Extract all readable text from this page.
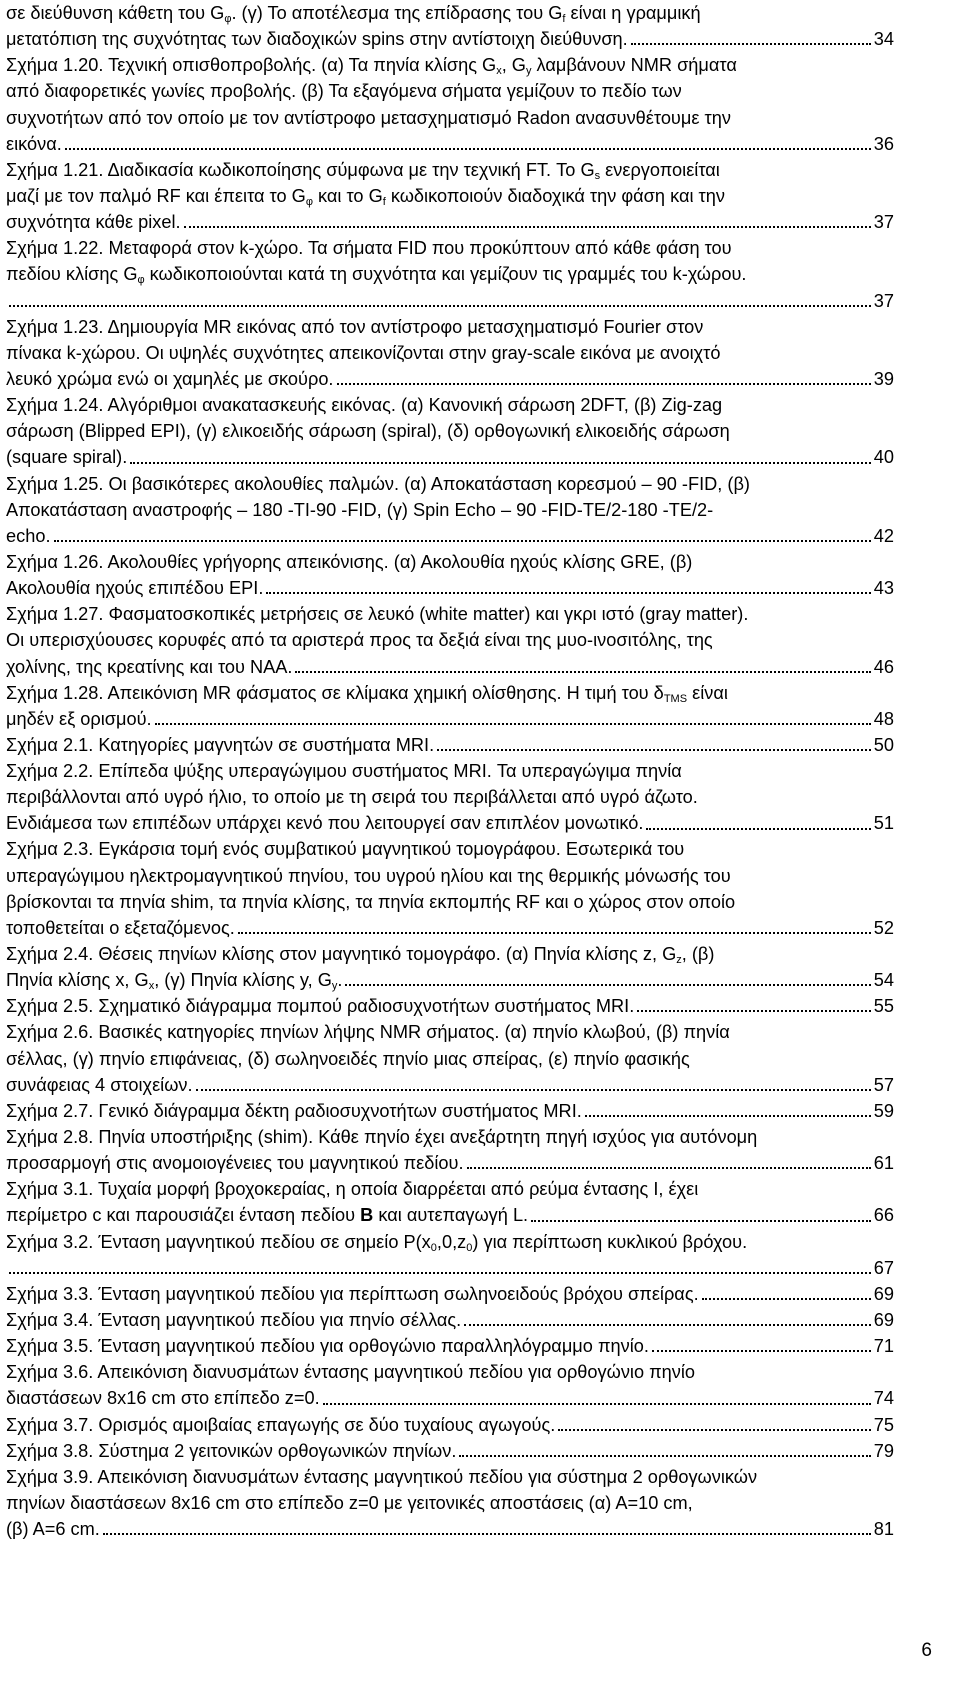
σε διεύθυνση κάθετη του $G_\varphi$. (γ) Το αποτέλεσμα της επίδρασης του $G_f$ είναι η γραμμική
μετατόπιση της συχνότητας των διαδοχικών spins στην αντίστοιχη διεύθυνση.	34
Σχήμα 1.20. Τεχνική οπισθοπροβολής. (α) Τα πηνία κλίσης $G_x$, $G_y$ λαμβάνουν NMR σήματα
από διαφορετικές γωνίες προβολής. (β) Τα εξαγόμενα σήματα γεμίζουν το πεδίο των
συχνοτήτων από τον οποίο με τον αντίστροφο μετασχηματισμό Radon ανασυνθέτουμε την
εικόνα.	36
Σχήμα 1.21. Διαδικασία κωδικοποίησης σύμφωνα με την τεχνική FT. Το $G_s$ ενεργοποιείται
μαζί με τον παλμό RF και έπειτα το $G_\varphi$ και το $G_f$ κωδικοποιούν διαδοχικά την φάση και την
συχνότητα κάθε pixel.	37
Σχήμα 1.22. Μεταφορά στον k-χώρο. Τα σήματα FID που προκύπτουν από κάθε φάση του
πεδίου κλίσης $G_\varphi$ κωδικοποιούνται κατά τη συχνότητα και γεμίζουν τις γραμμές του k-χώρου.
37
Σχήμα 1.23. Δημιουργία MR εικόνας από τον αντίστροφο μετασχηματισμό Fourier στον
πίνακα k-χώρου. Οι υψηλές συχνότητες απεικονίζονται στην gray-scale εικόνα με ανοιχτό
λευκό χρώμα ενώ οι χαμηλές με σκούρο.	39
Σχήμα 1.24. Αλγόριθμοι ανακατασκευής εικόνας. (α) Κανονική σάρωση 2DFT, (β) Zig-zag
σάρωση (Blipped EPI), (γ) ελικοειδής σάρωση (spiral), (δ) ορθογωνική ελικοειδής σάρωση
(square spiral).	40
Σχήμα 1.25. Οι βασικότερες ακολουθίες παλμών. (α) Αποκατάσταση κορεσμού – 90 -FID, (β)
Αποκατάσταση αναστροφής – 180 -TI-90 -FID, (γ) Spin Echo – 90 -FID-TE/2-180 -TE/2-
echo.	42
Σχήμα 1.26. Ακολουθίες γρήγορης απεικόνισης. (α) Ακολουθία ηχούς κλίσης GRE, (β)
Ακολουθία ηχούς επιπέδου EPI.	43
Σχήμα 1.27. Φασματοσκοπικές μετρήσεις σε λευκό (white matter) και γκρι ιστό (gray matter).
Οι υπερισχύουσες κορυφές από τα αριστερά προς τα δεξιά είναι της μυο-ινοσιτόλης, της
χολίνης, της κρεατίνης και του NAA.	46
Σχήμα 1.28. Απεικόνιση MR φάσματος σε κλίμακα χημική ολίσθησης. Η τιμή του $\delta_{TMS}$ είναι
μηδέν εξ ορισμού.	48
Σχήμα 2.1. Κατηγορίες μαγνητών σε συστήματα MRI.	50
Σχήμα 2.2. Επίπεδα ψύξης υπεραγώγιμου συστήματος MRI. Τα υπεραγώγιμα πηνία
περιβάλλονται από υγρό ήλιο, το οποίο με τη σειρά του περιβάλλεται από υγρό άζωτο.
Ενδιάμεσα των επιπέδων υπάρχει κενό που λειτουργεί σαν επιπλέον μονωτικό.	51
Σχήμα 2.3. Εγκάρσια τομή ενός συμβατικού μαγνητικού τομογράφου. Εσωτερικά του
υπεραγώγιμου ηλεκτρομαγνητικού πηνίου, του υγρού ηλίου και της θερμικής μόνωσής του
βρίσκονται τα πηνία shim, τα πηνία κλίσης, τα πηνία εκπομπής RF και ο χώρος στον οποίο
τοποθετείται ο εξεταζόμενος.	52
Σχήμα 2.4. Θέσεις πηνίων κλίσης στον μαγνητικό τομογράφο. (α) Πηνία κλίσης z, $G_z$, (β)
Πηνία κλίσης x, $G_x$, (γ) Πηνία κλίσης y, $G_y$.	54
Σχήμα 2.5. Σχηματικό διάγραμμα πομπού ραδιοσυχνοτήτων συστήματος MRI.	55
Σχήμα 2.6. Βασικές κατηγορίες πηνίων λήψης NMR σήματος. (α) πηνίο κλωβού, (β) πηνία
σέλλας, (γ) πηνίο επιφάνειας, (δ) σωληνοειδές πηνίο μιας σπείρας, (ε) πηνίο φασικής
συνάφειας 4 στοιχείων.	57
Σχήμα 2.7. Γενικό διάγραμμα δέκτη ραδιοσυχνοτήτων συστήματος MRI.	59
Σχήμα 2.8. Πηνία υποστήριξης (shim). Κάθε πηνίο έχει ανεξάρτητη πηγή ισχύος για αυτόνομη
προσαρμογή στις ανομοιογένειες του μαγνητικού πεδίου.	61
Σχήμα 3.1. Τυχαία μορφή βροχοκεραίας, η οποία διαρρέεται από ρεύμα έντασης Ι, έχει
περίμετρο c και παρουσιάζει ένταση πεδίου B και αυτεπαγωγή L.	66
Σχήμα 3.2. Ένταση μαγνητικού πεδίου σε σημείο $P(x_0,0,z_0)$ για περίπτωση κυκλικού βρόχου.
67
Σχήμα 3.3. Ένταση μαγνητικού πεδίου για περίπτωση σωληνοειδούς βρόχου σπείρας.	69
Σχήμα 3.4. Ένταση μαγνητικού πεδίου για πηνίο σέλλας.	69
Σχήμα 3.5. Ένταση μαγνητικού πεδίου για ορθογώνιο παραλληλόγραμμο πηνίο.	71
Σχήμα 3.6. Απεικόνιση διανυσμάτων έντασης μαγνητικού πεδίου για ορθογώνιο πηνίο
διαστάσεων 8x16 cm στο επίπεδο z=0.	74
Σχήμα 3.7. Ορισμός αμοιβαίας επαγωγής σε δύο τυχαίους αγωγούς.	75
Σχήμα 3.8. Σύστημα 2 γειτονικών ορθογωνικών πηνίων.	79
Σχήμα 3.9. Απεικόνιση διανυσμάτων έντασης μαγνητικού πεδίου για σύστημα 2 ορθογωνικών
πηνίων διαστάσεων 8x16 cm στο επίπεδο z=0 με γειτονικές αποστάσεις (α) Α=10 cm,
(β) Α=6 cm.	81
6
